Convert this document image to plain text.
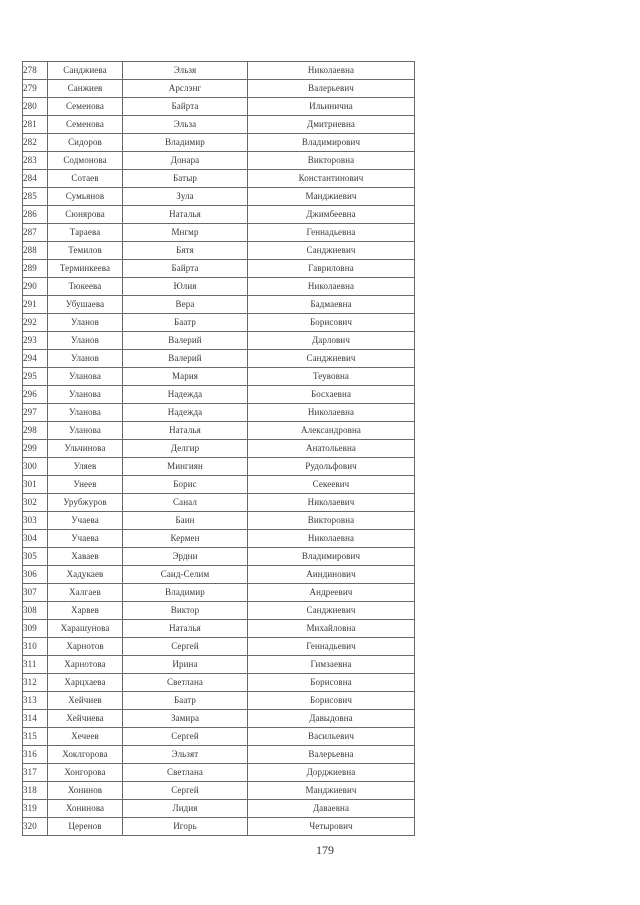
278	Санджиева	Эльзя	Николаевна
279	Санжиев	Арслэнг	Валерьевич
280	Семенова	Байрта	Ильинична
281	Семенова	Эльза	Дмитриевна
282	Сидоров	Владимир	Владимирович
283	Содмонова	Донара	Викторовна
284	Сотаев	Батыр	Константинович
285	Сумьянов	Зула	Манджиевич
286	Сюнярова	Наталья	Джимбеевна
287	Тараева	Мнгмр	Геннадьевна
288	Темилов	Бятя	Санджиевич
289	Терминкеева	Байрта	Гавриловна
290	Тюкеева	Юлия	Николаевна
291	Убушаева	Вера	Бадмаевна
292	Уланов	Баатр	Борисович
293	Уланов	Валерий	Дарлович
294	Уланов	Валерий	Санджиевич
295	Уланова	Мария	Теувовна
296	Уланова	Надежда	Босхаевна
297	Уланова	Надежда	Николаевна
298	Уланова	Наталья	Александровна
299	Ульчинова	Делгир	Анатольевна
300	Уляев	Мингиян	Рудольфович
301	Унеев	Борис	Секеевич
302	Урубжуров	Санал	Николаевич
303	Учаева	Баин	Викторовна
304	Учаева	Кермен	Николаевна
305	Хаваев	Эрдни	Владимирович
306	Хадукаев	Саид-Селим	Аиндинович
307	Халгаев	Владимир	Андреевич
308	Харвев	Виктор	Санджиевич
309	Харашунова	Наталья	Михайловна
310	Харнотов	Сергей	Геннадьевич
311	Харнотова	Ирина	Гимзаевна
312	Харцхаева	Светлана	Борисовна
313	Хейчиев	Баатр	Борисович
314	Хейчиева	Замира	Давыдовна
315	Хечеев	Сергей	Васильевич
316	Хоклгорова	Эльзят	Валерьевна
317	Хонгорова	Светлана	Дорджиевна
318	Хонинов	Сергей	Манджиевич
319	Хонинова	Лидия	Даваевна
320	Церенов	Игорь	Четырович
179
